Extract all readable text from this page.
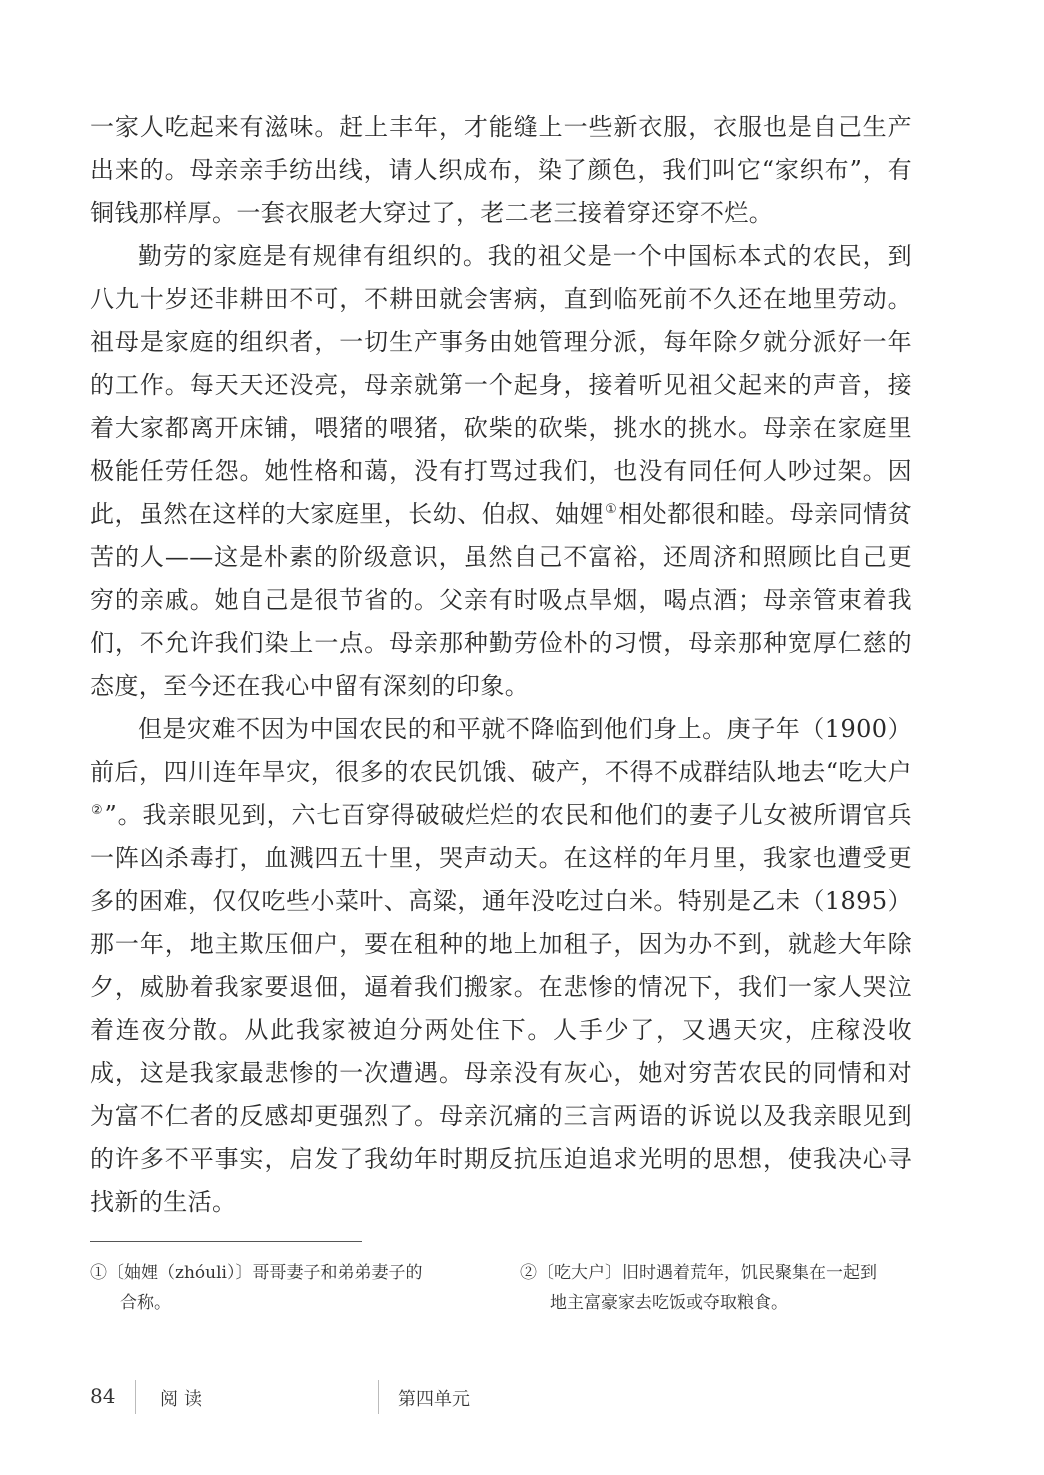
一家人吃起来有滋味。赶上丰年，才能缝上一些新衣服，衣服也是自己生产出来的。母亲亲手纺出线，请人织成布，染了颜色，我们叫它“家织布”，有铜钱那样厚。一套衣服老大穿过了，老二老三接着穿还穿不烂。

勤劳的家庭是有规律有组织的。我的祖父是一个中国标本式的农民，到八九十岁还非耕田不可，不耕田就会害病，直到临死前不久还在地里劳动。祖母是家庭的组织者，一切生产事务由她管理分派，每年除夕就分派好一年的工作。每天天还没亮，母亲就第一个起身，接着听见祖父起来的声音，接着大家都离开床铺，喂猪的喂猪，砍柴的砍柴，挑水的挑水。母亲在家庭里极能任劳任怨。她性格和蔼，没有打骂过我们，也没有同任何人吵过架。因此，虽然在这样的大家庭里，长幼、伯叔、妯娌①相处都很和睦。母亲同情贫苦的人——这是朴素的阶级意识，虽然自己不富裕，还周济和照顾比自己更穷的亲戚。她自己是很节省的。父亲有时吸点旱烟，喝点酒；母亲管束着我们，不允许我们染上一点。母亲那种勤劳俭朴的习惯，母亲那种宽厚仁慈的态度，至今还在我心中留有深刻的印象。

但是灾难不因为中国农民的和平就不降临到他们身上。庚子年（1900）前后，四川连年旱灾，很多的农民饥饿、破产，不得不成群结队地去“吃大户②”。我亲眼见到，六七百穿得破破烂烂的农民和他们的妻子儿女被所谓官兵一阵凶杀毒打，血溅四五十里，哭声动天。在这样的年月里，我家也遭受更多的困难，仅仅吃些小菜叶、高粱，通年没吃过白米。特别是乙未（1895）那一年，地主欺压佃户，要在租种的地上加租子，因为办不到，就趁大年除夕，威胁着我家要退佃，逼着我们搬家。在悲惨的情况下，我们一家人哭泣着连夜分散。从此我家被迫分两处住下。人手少了，又遇天灾，庄稼没收成，这是我家最悲惨的一次遭遇。母亲没有灰心，她对穷苦农民的同情和对为富不仁者的反感却更强烈了。母亲沉痛的三言两语的诉说以及我亲眼见到的许多不平事实，启发了我幼年时期反抗压迫追求光明的思想，使我决心寻找新的生活。

①〔妯娌（zhóuli）〕哥哥妻子和弟弟妻子的
合称。
②〔吃大户〕旧时遇着荒年，饥民聚集在一起到
地主富豪家去吃饭或夺取粮食。
84 阅读	第四单元
